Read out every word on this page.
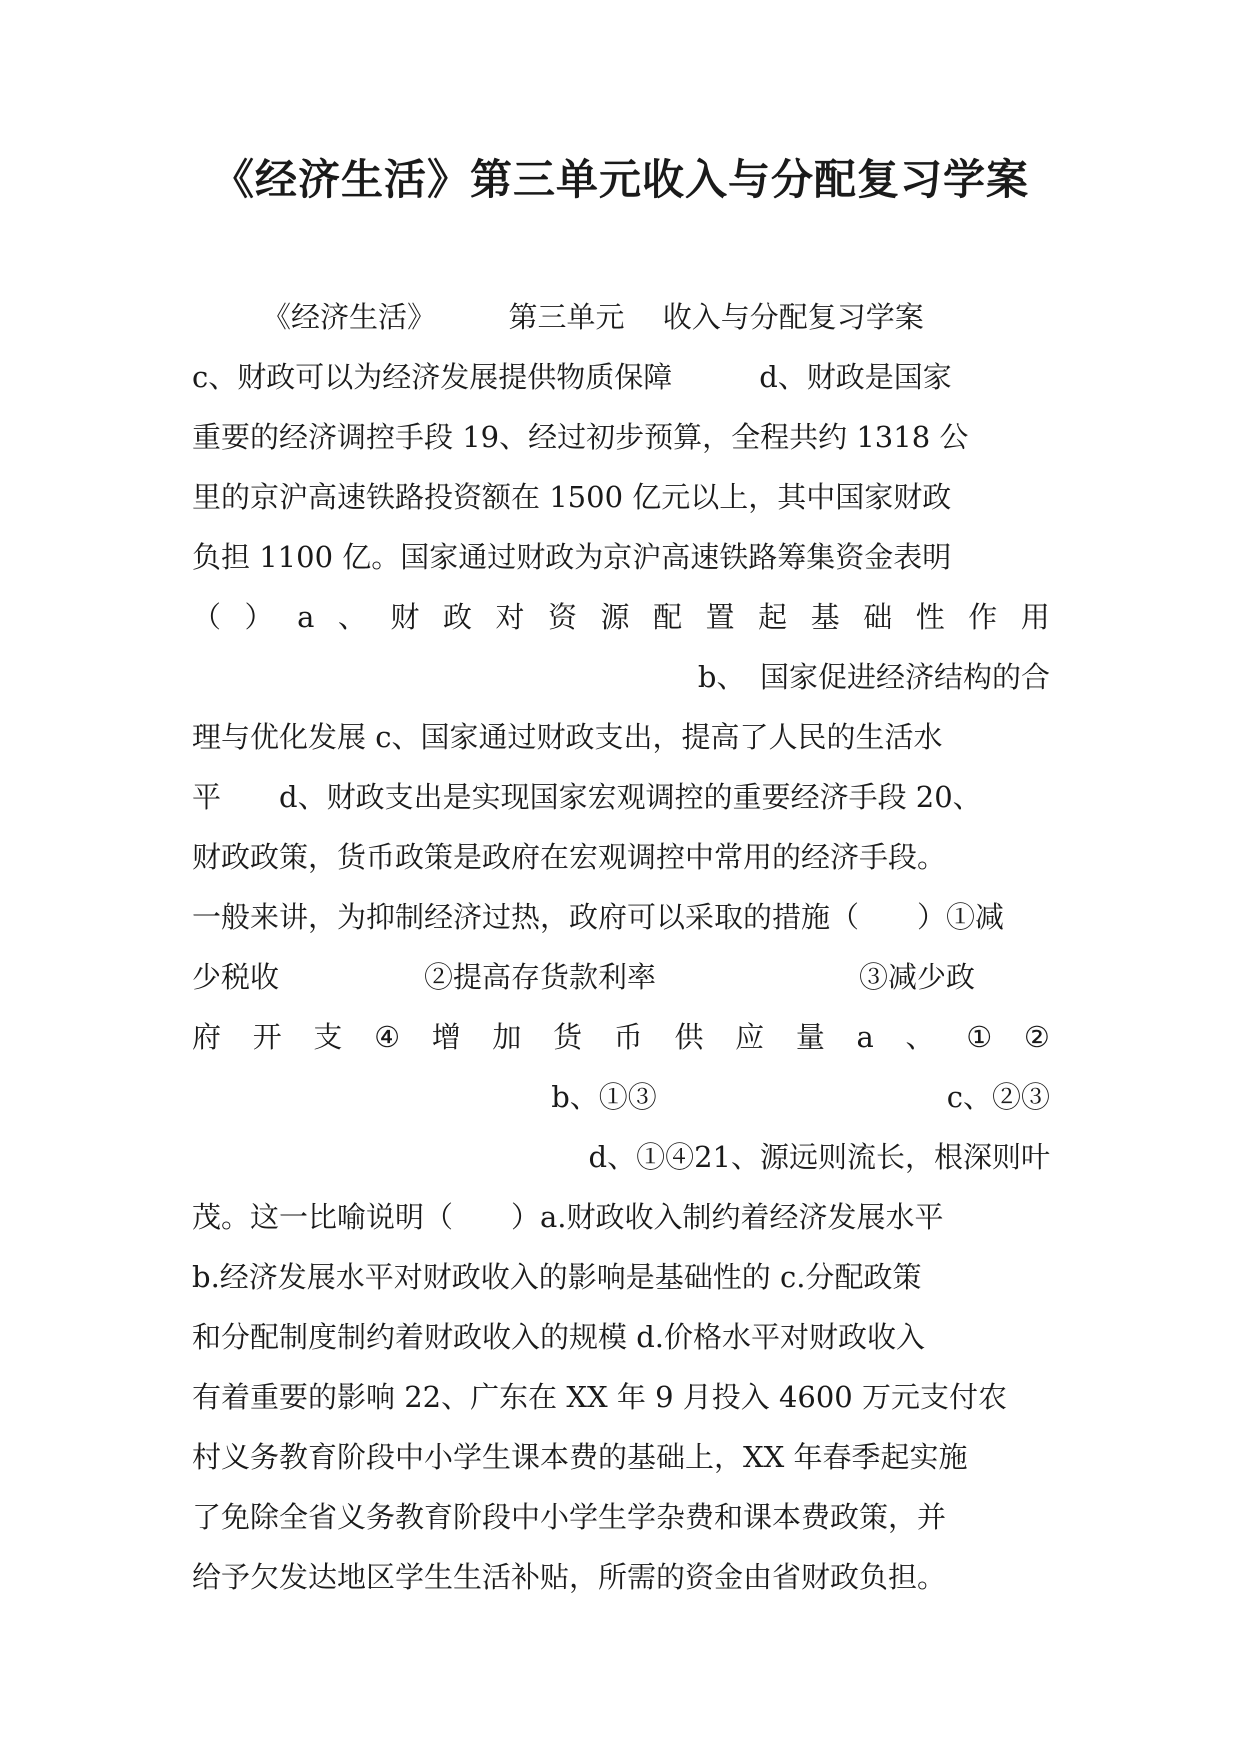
《经济生活》第三单元收入与分配复习学案
《经济生活》　　　第三单元　 收入与分配复习学案
c、财政可以为经济发展提供物质保障　　　d、财政是国家
重要的经济调控手段 19、经过初步预算，全程共约 1318 公
里的京沪高速铁路投资额在 1500 亿元以上，其中国家财政
负担 1100 亿。国家通过财政为京沪高速铁路筹集资金表明
（ ） a 、 财 政 对 资 源 配 置 起 基 础 性 作 用
b、　国家促进经济结构的合
理与优化发展 c、国家通过财政支出，提高了人民的生活水
平　　d、财政支出是实现国家宏观调控的重要经济手段 20、
财政政策，货币政策是政府在宏观调控中常用的经济手段。
一般来讲，为抑制经济过热，政府可以采取的措施（　　）①减
少税收　　　　　②提高存货款利率　　　　　　　③减少政
府 开 支 ④ 增 加 货 币 供 应 量 a 、 ① ②
b、①③　　　　　　　　　　c、②③
d、①④21、源远则流长，根深则叶
茂。这一比喻说明（　　）a.财政收入制约着经济发展水平
b.经济发展水平对财政收入的影响是基础性的 c.分配政策
和分配制度制约着财政收入的规模 d.价格水平对财政收入
有着重要的影响 22、广东在 XX 年 9 月投入 4600 万元支付农
村义务教育阶段中小学生课本费的基础上，XX 年春季起实施
了免除全省义务教育阶段中小学生学杂费和课本费政策，并
给予欠发达地区学生生活补贴，所需的资金由省财政负担。
